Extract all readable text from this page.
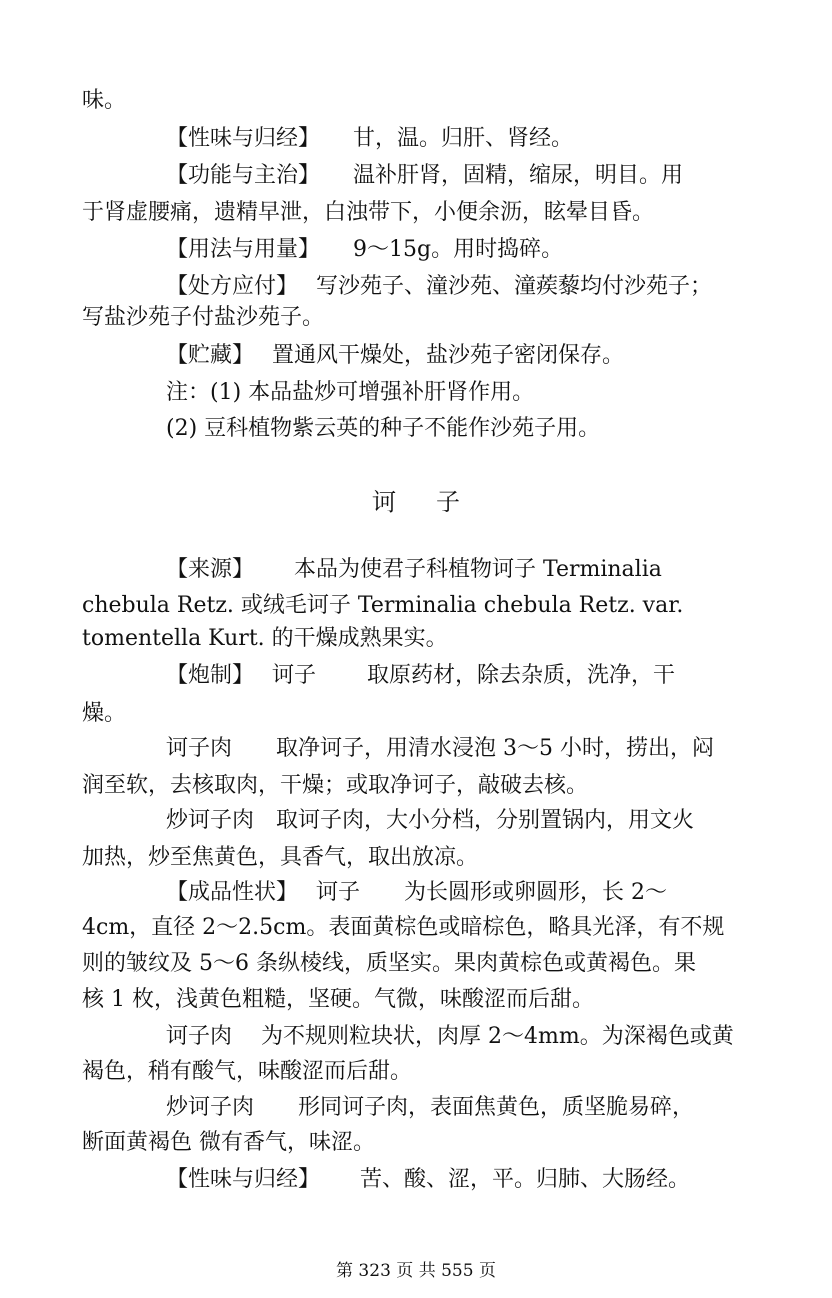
味。
【性味与归经】　　甘，温。归肝、肾经。
【功能与主治】　　温补肝肾，固精，缩尿，明目。用
于肾虚腰痛，遗精早泄，白浊带下，小便余沥，眩晕目昏。
【用法与用量】　　9～15g。用时捣碎。
【处方应付】　 写沙苑子、潼沙苑、潼蒺藜均付沙苑子；
写盐沙苑子付盐沙苑子。
【贮藏】　 置通风干燥处，盐沙苑子密闭保存。
注：(1) 本品盐炒可增强补肝肾作用。
(2) 豆科植物紫云英的种子不能作沙苑子用。
诃子
【来源】　　 本品为使君子科植物诃子 Terminalia
chebula Retz. 或绒毛诃子 Terminalia chebula Retz. var.
tomentella Kurt. 的干燥成熟果实。
【炮制】　 诃子　　 取原药材，除去杂质，洗净，干
燥。
诃子肉　　取净诃子，用清水浸泡 3～5 小时，捞出，闷
润至软，去核取肉，干燥；或取净诃子，敲破去核。
炒诃子肉　取诃子肉，大小分档，分别置锅内，用文火
加热，炒至焦黄色，具香气，取出放凉。
【成品性状】　 诃子　　为长圆形或卵圆形，长 2～
4cm，直径 2～2.5cm。表面黄棕色或暗棕色，略具光泽，有不规
则的皱纹及 5～6 条纵棱线，质坚实。果肉黄棕色或黄褐色。果
核 1 枚，浅黄色粗糙，坚硬。气微，味酸涩而后甜。
诃子肉　 为不规则粒块状，肉厚 2～4mm。为深褐色或黄
褐色，稍有酸气，味酸涩而后甜。
炒诃子肉　　形同诃子肉，表面焦黄色，质坚脆易碎，
断面黄褐色 微有香气，味涩。
【性味与归经】　　 苦、酸、涩，平。归肺、大肠经。
第 323 页 共 555 页
